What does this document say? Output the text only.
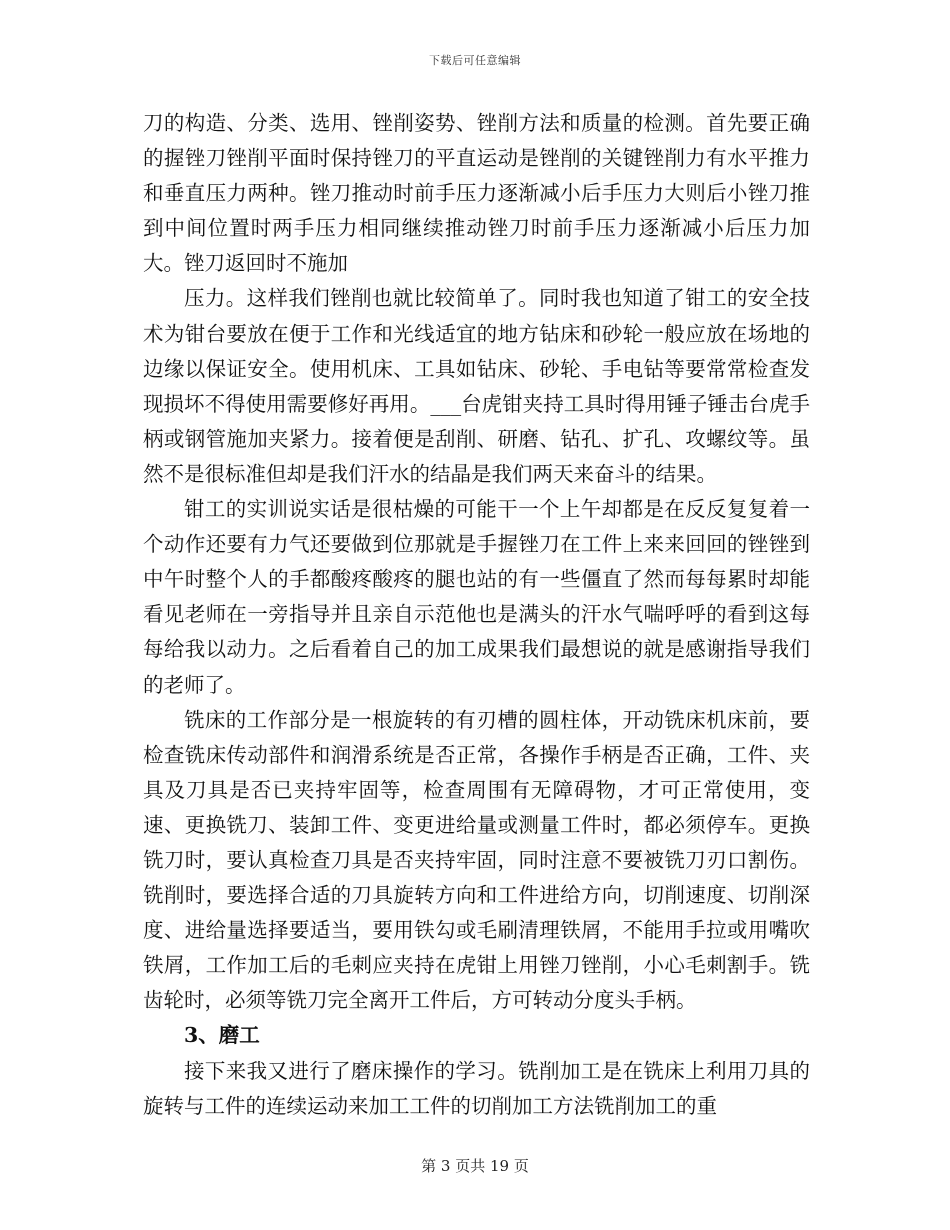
下载后可任意编辑

刀的构造、分类、选用、锉削姿势、锉削方法和质量的检测。首先要正确的握锉刀锉削平面时保持锉刀的平直运动是锉削的关键锉削力有水平推力和垂直压力两种。锉刀推动时前手压力逐渐减小后手压力大则后小锉刀推到中间位置时两手压力相同继续推动锉刀时前手压力逐渐减小后压力加大。锉刀返回时不施加

压力。这样我们锉削也就比较简单了。同时我也知道了钳工的安全技术为钳台要放在便于工作和光线适宜的地方钻床和砂轮一般应放在场地的边缘以保证安全。使用机床、工具如钻床、砂轮、手电钻等要常常检查发现损坏不得使用需要修好再用。___台虎钳夹持工具时得用锤子锤击台虎手柄或钢管施加夹紧力。接着便是刮削、研磨、钻孔、扩孔、攻螺纹等。虽然不是很标准但却是我们汗水的结晶是我们两天来奋斗的结果。

钳工的实训说实话是很枯燥的可能干一个上午却都是在反反复复着一个动作还要有力气还要做到位那就是手握锉刀在工件上来来回回的锉锉到中午时整个人的手都酸疼酸疼的腿也站的有一些僵直了然而每每累时却能看见老师在一旁指导并且亲自示范他也是满头的汗水气喘呼呼的看到这每每给我以动力。之后看着自己的加工成果我们最想说的就是感谢指导我们的老师了。

铣床的工作部分是一根旋转的有刃槽的圆柱体，开动铣床机床前，要检查铣床传动部件和润滑系统是否正常，各操作手柄是否正确，工件、夹具及刀具是否已夹持牢固等，检查周围有无障碍物，才可正常使用，变速、更换铣刀、装卸工件、变更进给量或测量工件时，都必须停车。更换铣刀时，要认真检查刀具是否夹持牢固，同时注意不要被铣刀刃口割伤。铣削时，要选择合适的刀具旋转方向和工件进给方向，切削速度、切削深度、进给量选择要适当，要用铁勾或毛刷清理铁屑，不能用手拉或用嘴吹铁屑，工作加工后的毛刺应夹持在虎钳上用锉刀锉削，小心毛刺割手。铣齿轮时，必须等铣刀完全离开工件后，方可转动分度头手柄。

3、磨工

接下来我又进行了磨床操作的学习。铣削加工是在铣床上利用刀具的旋转与工件的连续运动来加工工件的切削加工方法铣削加工的重

第 3 页共 19 页
